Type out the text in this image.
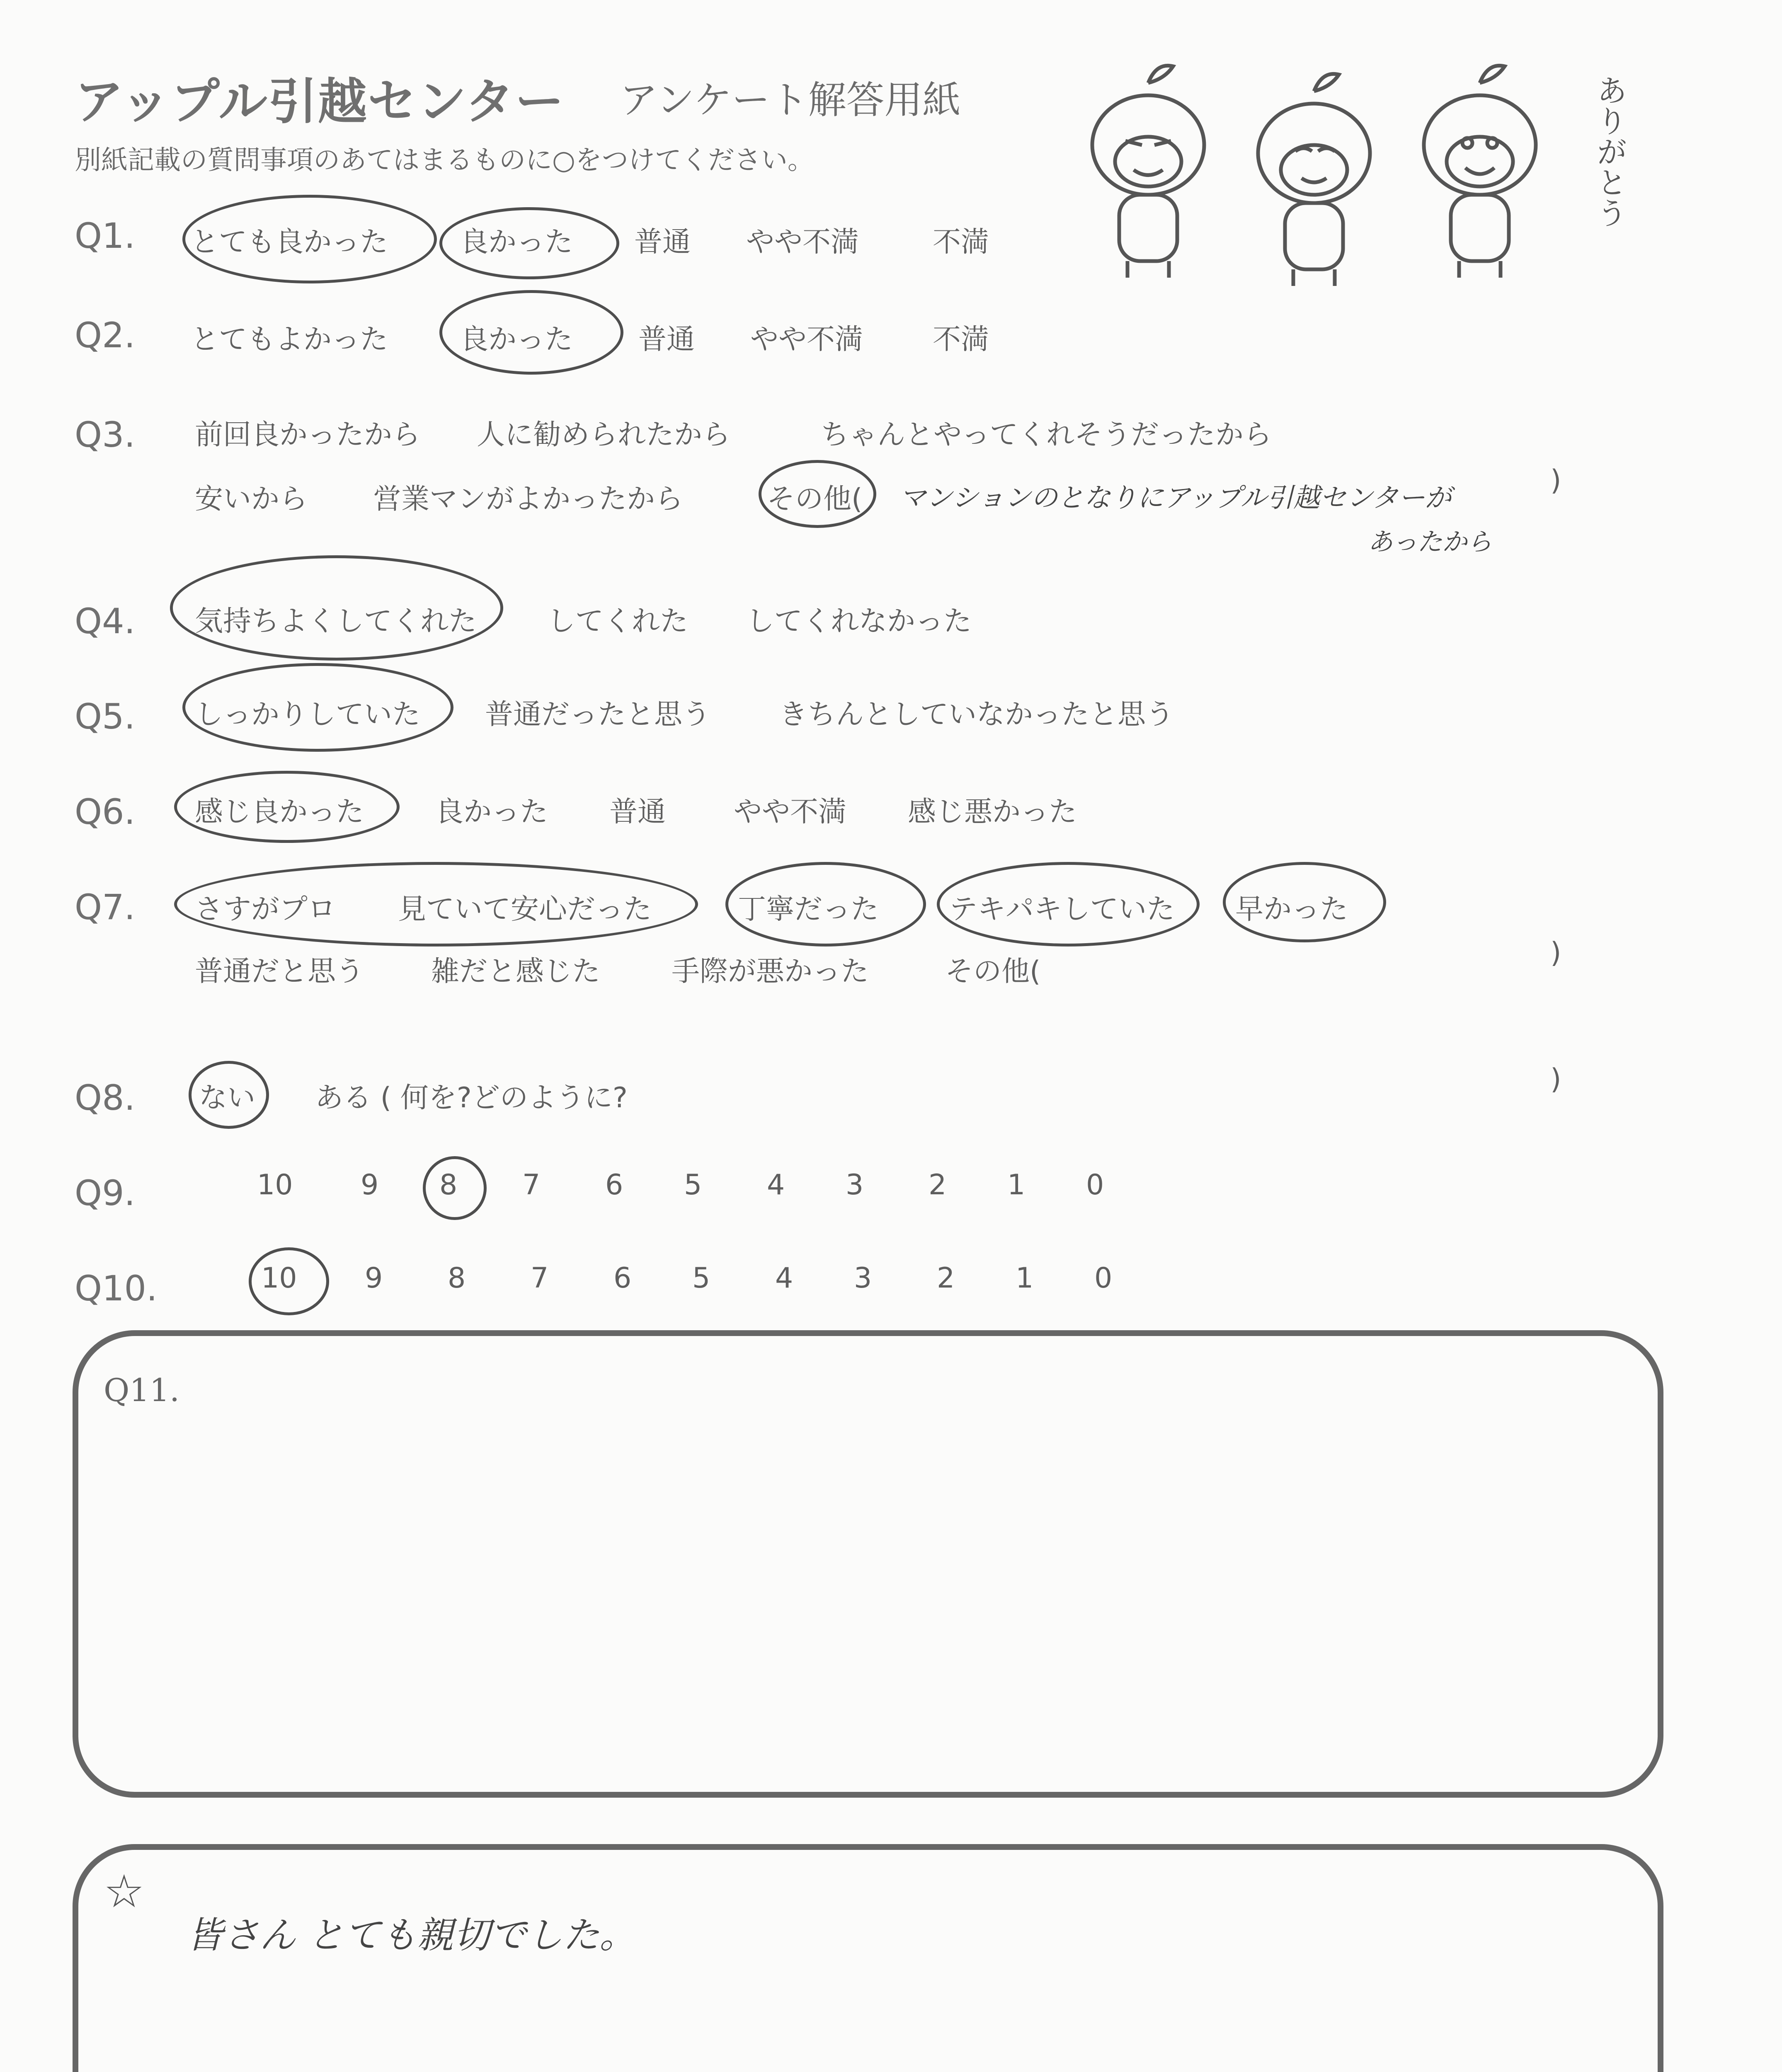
アップル引越センター アンケート解答用紙
別紙記載の質問事項のあてはまるものに○をつけてください。	ありがとう
Q1. とても良かった	良かった 普通 やや不満	不満
Q2. とてもよかった	良かった 普通 やや不満 不満
Q3. 前回良かったから 人に勧められたから	ちゃんとやってくれそうだったから
安いから 営業マンがよかったから	その他( マンションのとなりにアップル引越センターが
あったから
)
Q4. 気持ちよくしてくれた してくれた してくれなかった
Q5. しっかりしていた 普通だったと思う きちんとしていなかったと思う
Q6. 感じ良かった	良かった 普通 やや不満 感じ悪かった
Q7. さすがプロ 見ていて安心だった	丁寧だった テキパキしていた 早かった
普通だと思う 雑だと感じた	手際が悪かった	その他(
)
Q8. ない ある ( 何を?どのように?
)
Q9.	10 9 8 7 6 5 4 3 2 1 0
Q10.	10 9 8 7 6 5 4 3 2 1 0
Q11.
☆
皆さん とても親切でした。
